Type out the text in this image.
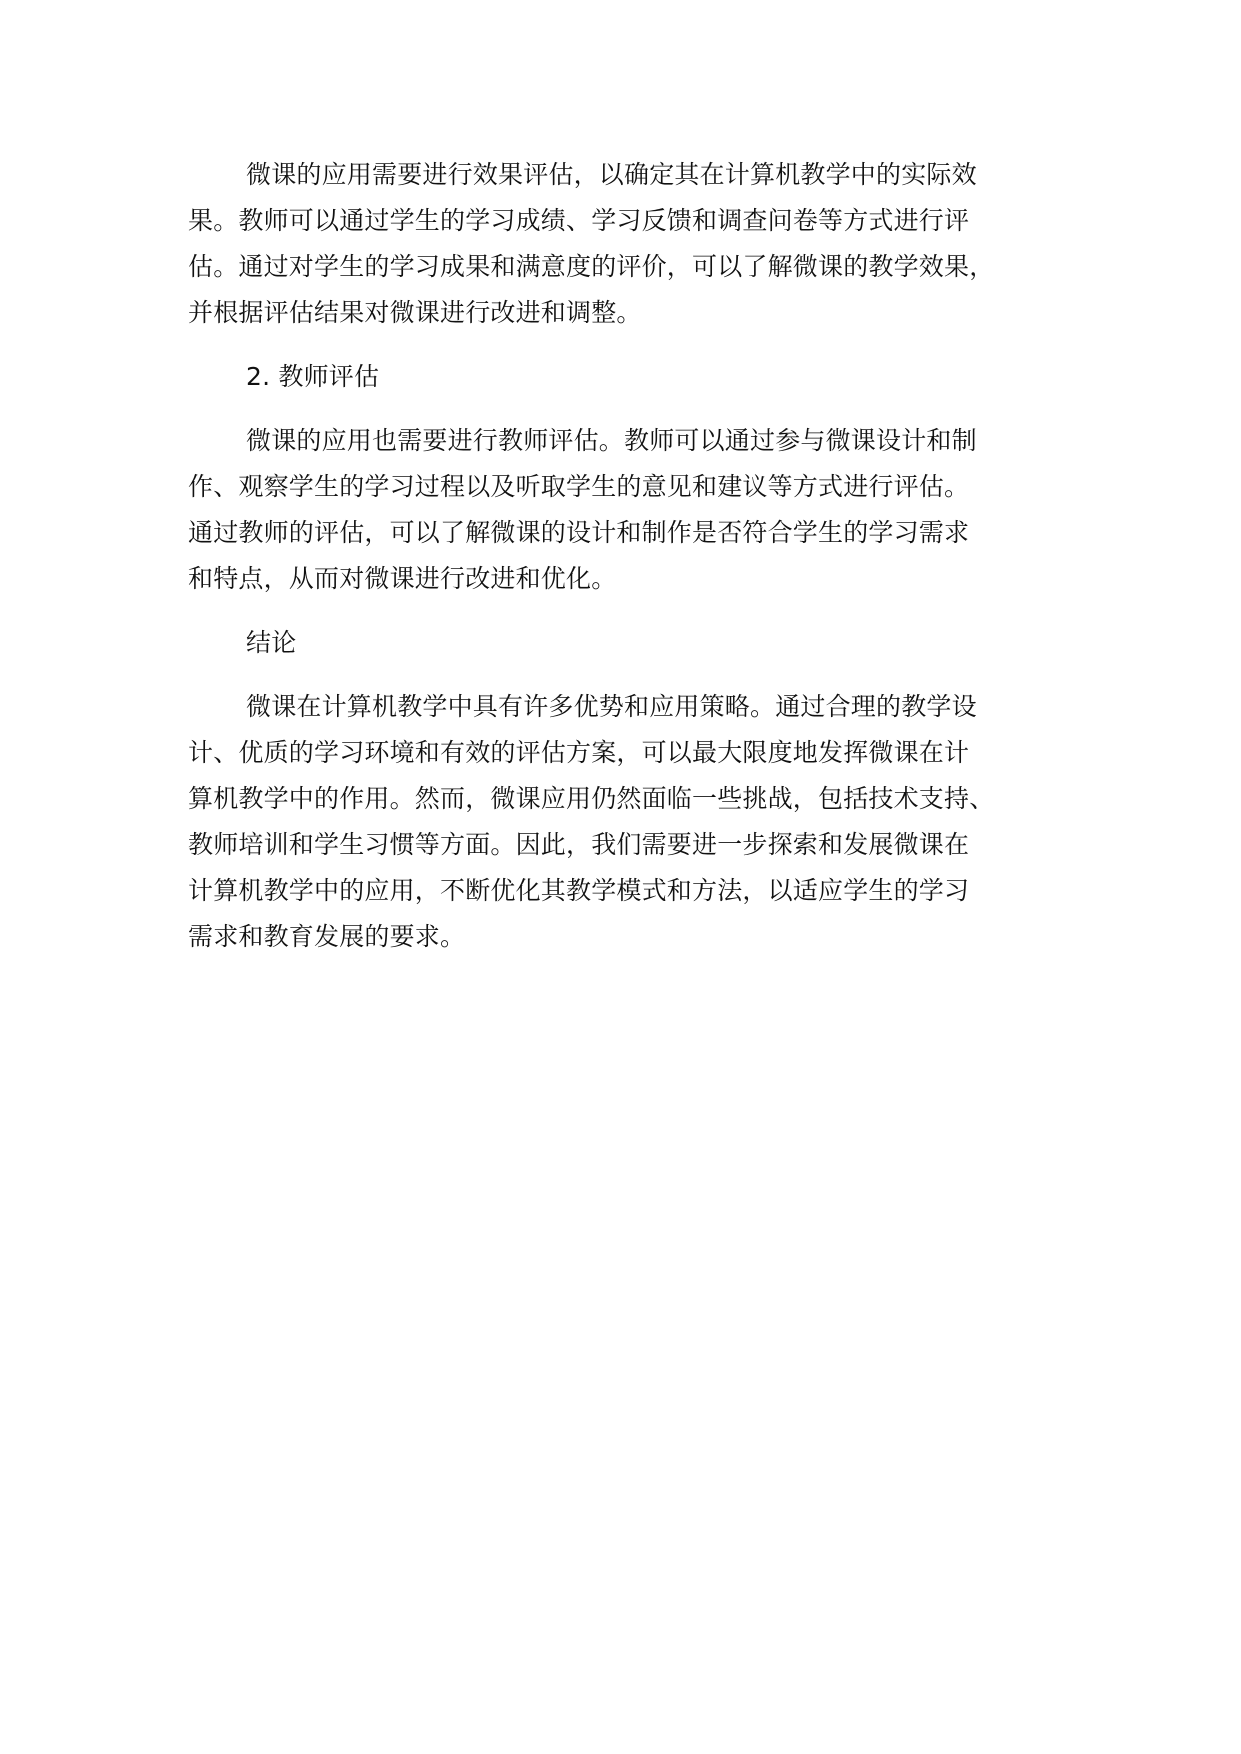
微课的应用需要进行效果评估，以确定其在计算机教学中的实际效
果。教师可以通过学生的学习成绩、学习反馈和调查问卷等方式进行评
估。通过对学生的学习成果和满意度的评价，可以了解微课的教学效果，
并根据评估结果对微课进行改进和调整。

2. 教师评估

微课的应用也需要进行教师评估。教师可以通过参与微课设计和制
作、观察学生的学习过程以及听取学生的意见和建议等方式进行评估。
通过教师的评估，可以了解微课的设计和制作是否符合学生的学习需求
和特点，从而对微课进行改进和优化。

结论

微课在计算机教学中具有许多优势和应用策略。通过合理的教学设
计、优质的学习环境和有效的评估方案，可以最大限度地发挥微课在计
算机教学中的作用。然而，微课应用仍然面临一些挑战，包括技术支持、
教师培训和学生习惯等方面。因此，我们需要进一步探索和发展微课在
计算机教学中的应用，不断优化其教学模式和方法，以适应学生的学习
需求和教育发展的要求。
